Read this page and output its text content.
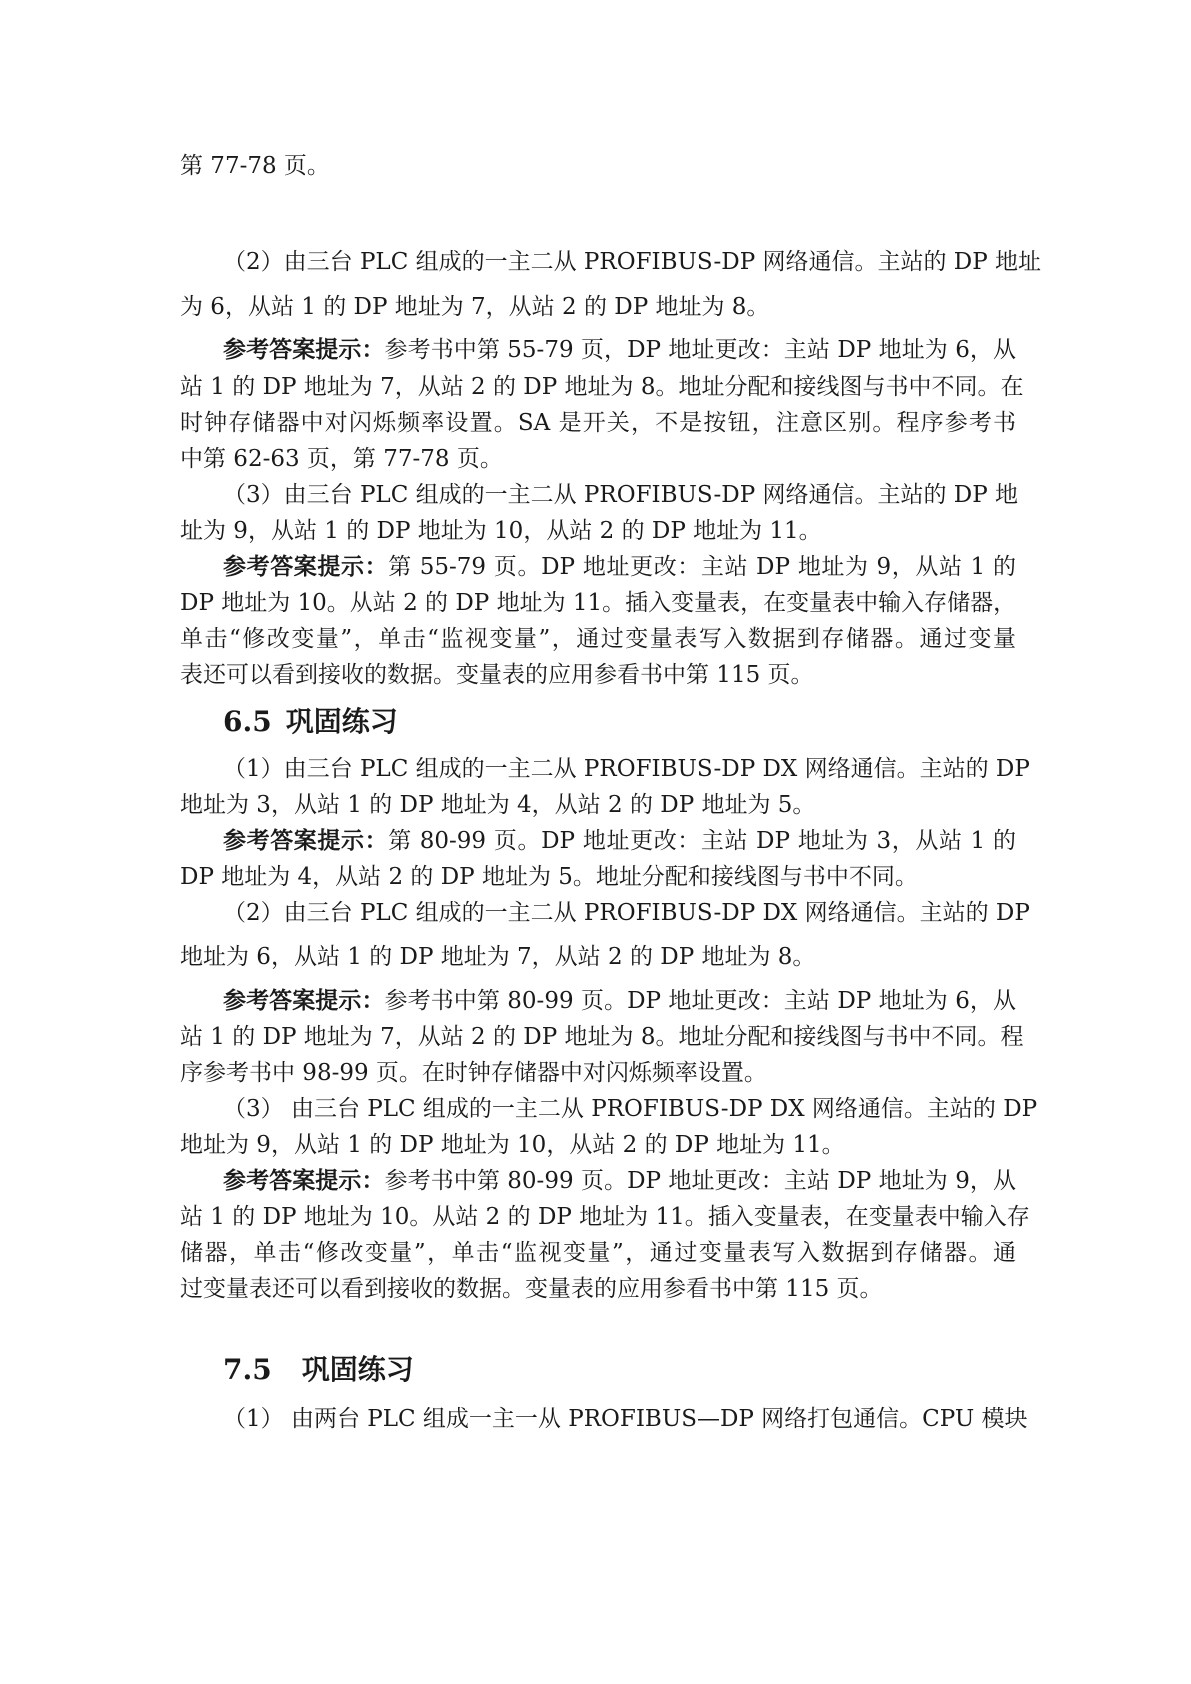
第 77-78 页。
（2）由三台 PLC 组成的一主二从 PROFIBUS-DP 网络通信。主站的 DP 地址
为 6，从站 1 的 DP 地址为 7，从站 2 的 DP 地址为 8。
参考答案提示：参考书中第 55-79 页，DP 地址更改：主站 DP 地址为 6，从
站 1 的 DP 地址为 7，从站 2 的 DP 地址为 8。地址分配和接线图与书中不同。在
时钟存储器中对闪烁频率设置。SA 是开关，不是按钮，注意区别。程序参考书
中第 62-63 页，第 77-78 页。
（3）由三台 PLC 组成的一主二从 PROFIBUS-DP 网络通信。主站的 DP 地
址为 9，从站 1 的 DP 地址为 10，从站 2 的 DP 地址为 11。
参考答案提示：第 55-79 页。DP 地址更改：主站 DP 地址为 9，从站 1 的
DP 地址为 10。从站 2 的 DP 地址为 11。插入变量表，在变量表中输入存储器，
单击“修改变量”，单击“监视变量”，通过变量表写入数据到存储器。通过变量
表还可以看到接收的数据。变量表的应用参看书中第 115 页。
6.5 巩固练习
（1）由三台 PLC 组成的一主二从 PROFIBUS-DP DX 网络通信。主站的 DP
地址为 3，从站 1 的 DP 地址为 4，从站 2 的 DP 地址为 5。
参考答案提示：第 80-99 页。DP 地址更改：主站 DP 地址为 3，从站 1 的
DP 地址为 4，从站 2 的 DP 地址为 5。地址分配和接线图与书中不同。
（2）由三台 PLC 组成的一主二从 PROFIBUS-DP DX 网络通信。主站的 DP
地址为 6，从站 1 的 DP 地址为 7，从站 2 的 DP 地址为 8。
参考答案提示：参考书中第 80-99 页。DP 地址更改：主站 DP 地址为 6，从
站 1 的 DP 地址为 7，从站 2 的 DP 地址为 8。地址分配和接线图与书中不同。程
序参考书中 98-99 页。在时钟存储器中对闪烁频率设置。
（3） 由三台 PLC 组成的一主二从 PROFIBUS-DP DX 网络通信。主站的 DP
地址为 9，从站 1 的 DP 地址为 10，从站 2 的 DP 地址为 11。
参考答案提示：参考书中第 80-99 页。DP 地址更改：主站 DP 地址为 9，从
站 1 的 DP 地址为 10。从站 2 的 DP 地址为 11。插入变量表，在变量表中输入存
储器，单击“修改变量”，单击“监视变量”，通过变量表写入数据到存储器。通
过变量表还可以看到接收的数据。变量表的应用参看书中第 115 页。
7.5 巩固练习
（1） 由两台 PLC 组成一主一从 PROFIBUS—DP 网络打包通信。CPU 模块
